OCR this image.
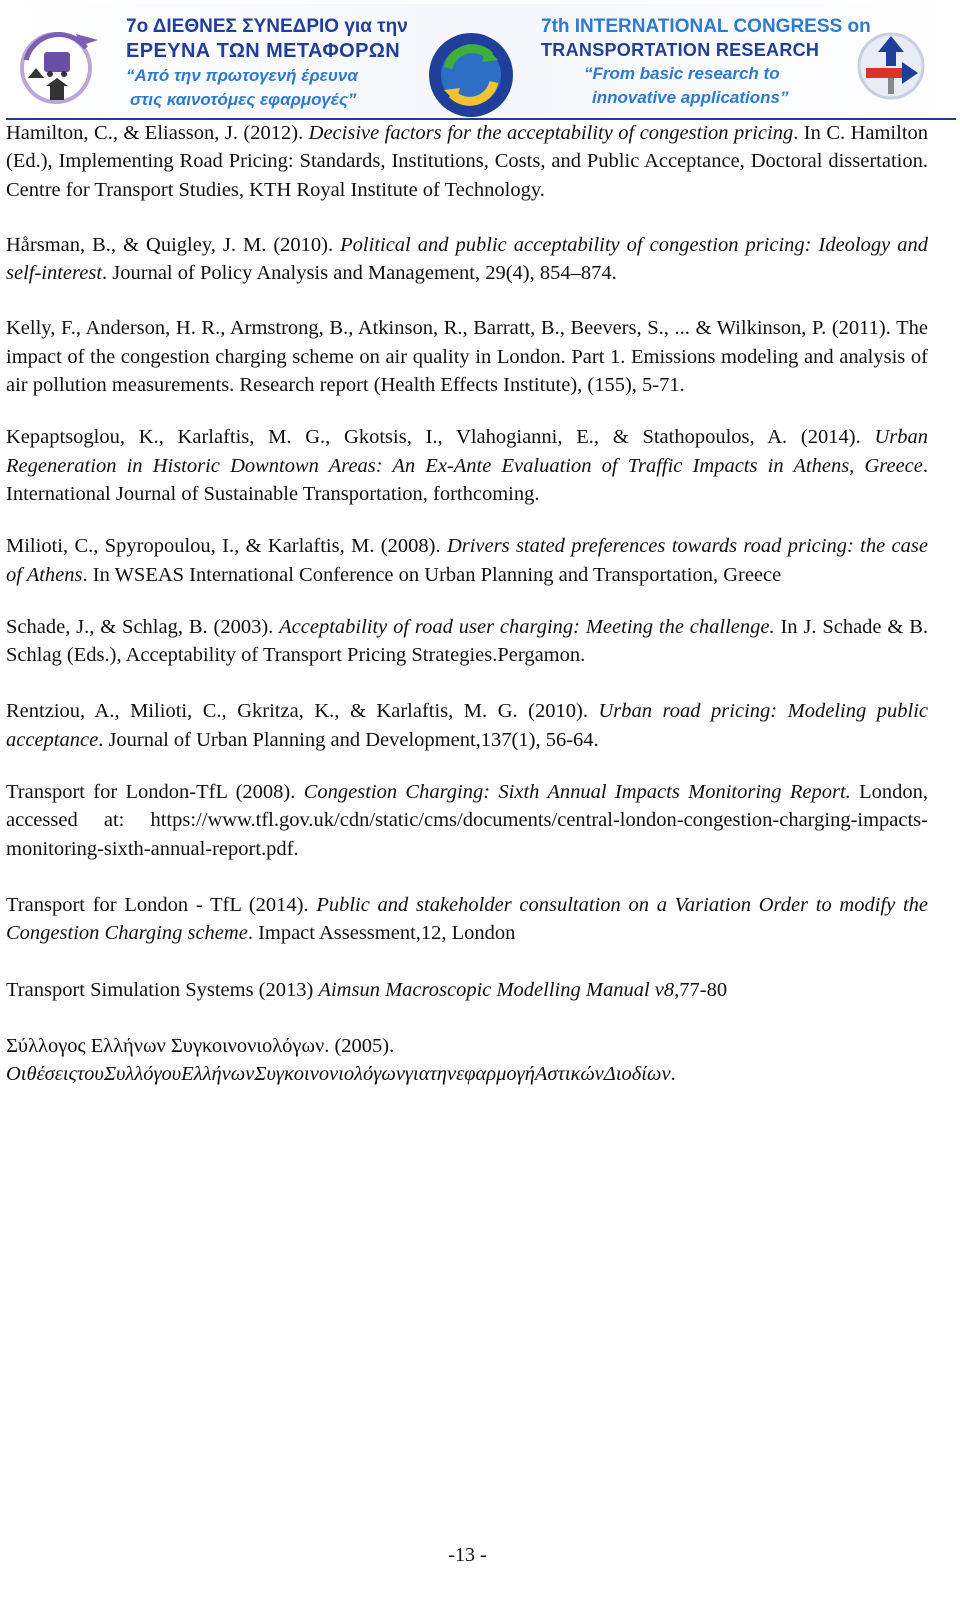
7ο ΔΙΕΘΝΕΣ ΣΥΝΕΔΡΙΟ για την
ΕΡΕΥΝΑ ΤΩΝ ΜΕΤΑΦΟΡΩΝ
“Από την πρωτογενή έρευνα
στις καινοτόμες εφαρμογές”
7th INTERNATIONAL CONGRESS on
TRANSPORTATION RESEARCH
“From basic research to
innovative applications”

Hamilton, C., & Eliasson, J. (2012). Decisive factors for the acceptability of congestion pricing. In C. Hamilton (Ed.), Implementing Road Pricing: Standards, Institutions, Costs, and Public Acceptance, Doctoral dissertation. Centre for Transport Studies, KTH Royal Institute of Technology.

Hårsman, B., & Quigley, J. M. (2010). Political and public acceptability of congestion pricing: Ideology and self-interest. Journal of Policy Analysis and Management, 29(4), 854–874.

Kelly, F., Anderson, H. R., Armstrong, B., Atkinson, R., Barratt, B., Beevers, S., ... & Wilkinson, P. (2011). The impact of the congestion charging scheme on air quality in London. Part 1. Emissions modeling and analysis of air pollution measurements. Research report (Health Effects Institute), (155), 5-71.

Kepaptsoglou, K., Karlaftis, M. G., Gkotsis, I., Vlahogianni, E., & Stathopoulos, A. (2014). Urban Regeneration in Historic Downtown Areas: An Ex-Ante Evaluation of Traffic Impacts in Athens, Greece. International Journal of Sustainable Transportation, forthcoming.

Milioti, C., Spyropoulou, I., & Karlaftis, M. (2008). Drivers stated preferences towards road pricing: the case of Athens. In WSEAS International Conference on Urban Planning and Transportation, Greece

Schade, J., & Schlag, B. (2003). Acceptability of road user charging: Meeting the challenge. In J. Schade & B. Schlag (Eds.), Acceptability of Transport Pricing Strategies.Pergamon.

Rentziou, A., Milioti, C., Gkritza, K., & Karlaftis, M. G. (2010). Urban road pricing: Modeling public acceptance. Journal of Urban Planning and Development,137(1), 56-64.

Transport for London-TfL (2008). Congestion Charging: Sixth Annual Impacts Monitoring Report. London, accessed at: https://www.tfl.gov.uk/cdn/static/cms/documents/central-london-congestion-charging-impacts-monitoring-sixth-annual-report.pdf.

Transport for London - TfL (2014). Public and stakeholder consultation on a Variation Order to modify the Congestion Charging scheme. Impact Assessment,12, London

Transport Simulation Systems (2013) Aimsun Macroscopic Modelling Manual v8,77-80

Σύλλογος Ελλήνων Συγκοινονιολόγων. (2005).
ΟιθέσειςτουΣυλλόγουΕλλήνωνΣυγκοινονιολόγωνγιατηνεφαρμογήΑστικώνΔιοδίων.

-13 -
